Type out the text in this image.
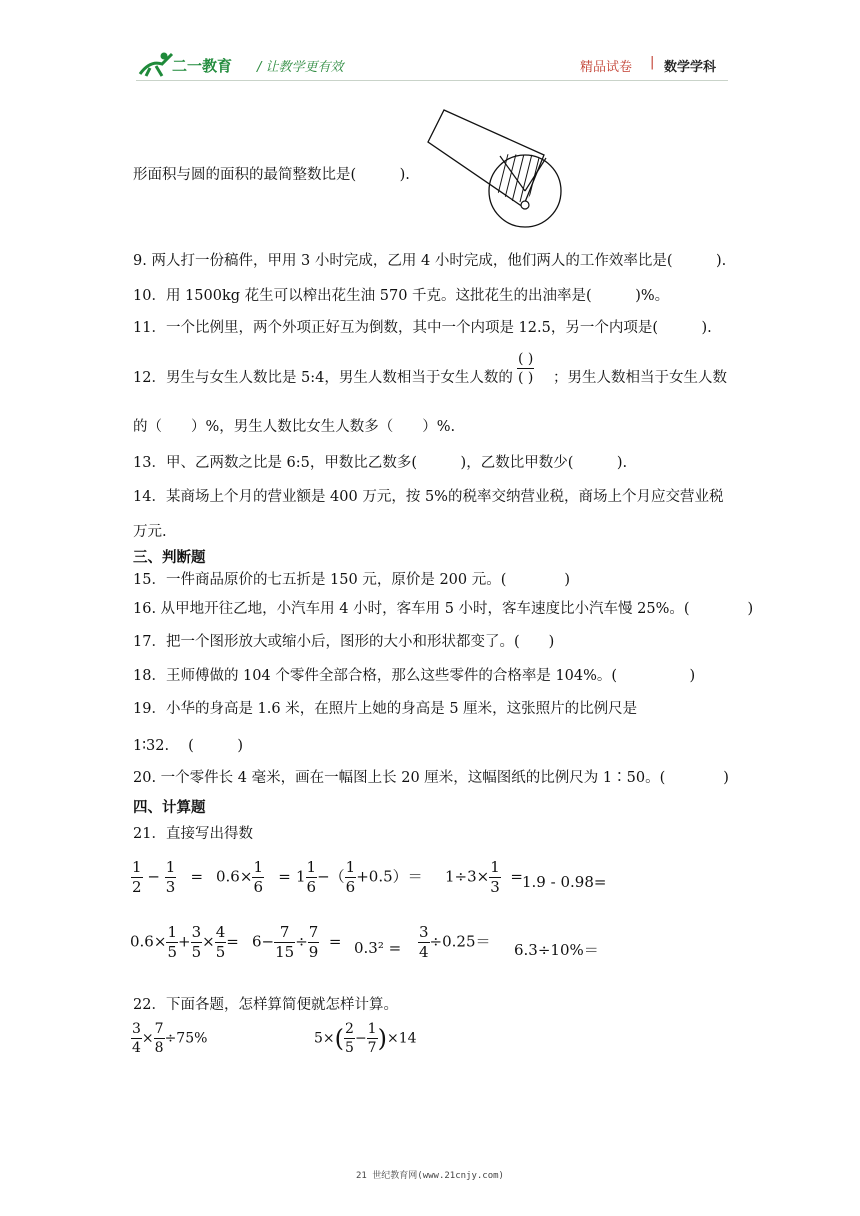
二一教育 / 让教学更有效	精品试卷 | 数学学科
形面积与圆的面积的最简整数比是(　　　).
9. 两人打一份稿件，甲用 3 小时完成，乙用 4 小时完成，他们两人的工作效率比是(　　　).
10．用 1500kg 花生可以榨出花生油 570 千克。这批花生的出油率是(　　　)%。
11．一个比例里，两个外项正好互为倒数，其中一个内项是 12.5，另一个内项是(　　　).
12．男生与女生人数比是 5:4，男生人数相当于女生人数的 $\frac{( )}{( )}$ ；男生人数相当于女生人数
的（　　）%，男生人数比女生人数多（　　）%.
13．甲、乙两数之比是 6:5，甲数比乙数多(　　　)，乙数比甲数少(　　　).
14．某商场上个月的营业额是 400 万元，按 5%的税率交纳营业税，商场上个月应交营业税
万元.
三、判断题
15．一件商品原价的七五折是 150 元，原价是 200 元。(　　　　)
16. 从甲地开往乙地，小汽车用 4 小时，客车用 5 小时，客车速度比小汽车慢 25%。(　　　　)
17．把一个图形放大或缩小后，图形的大小和形状都变了。(　　)
18．王师傅做的 104 个零件全部合格，那么这些零件的合格率是 104%。(　　　　　)
19．小华的身高是 1.6 米，在照片上她的身高是 5 厘米，这张照片的比例尺是
1∶32.　 (　　　)
20. 一个零件长 4 毫米，画在一幅图上长 20 厘米，这幅图纸的比例尺为 1∶50。(　　　　)
四、计算题
21．直接写出得数
$\frac{1}{2} - \frac{1}{3} = 0.6\times \frac{1}{6} = 1 \frac{1}{6}$ −（ $\frac{1}{6} +0.5)= 1\div 3\times \frac{1}{3} = 1.9 - 0.98=$
$0.6\times \frac{1}{5} + \frac{3}{5} \times \frac{4}{5} = 6- \frac{7}{15} \div \frac{7}{9} = 0.3^2 = \frac{3}{4} \div 0.25= 6.3\div 10\%=$
22．下面各题，怎样算简便就怎样计算。
$\frac{3}{4} \times \frac{7}{8} \div 75\%$	$5\times( \frac{2}{5} - \frac{1}{7} )\times 14$
21 世纪教育网(www.21cnjy.com)
